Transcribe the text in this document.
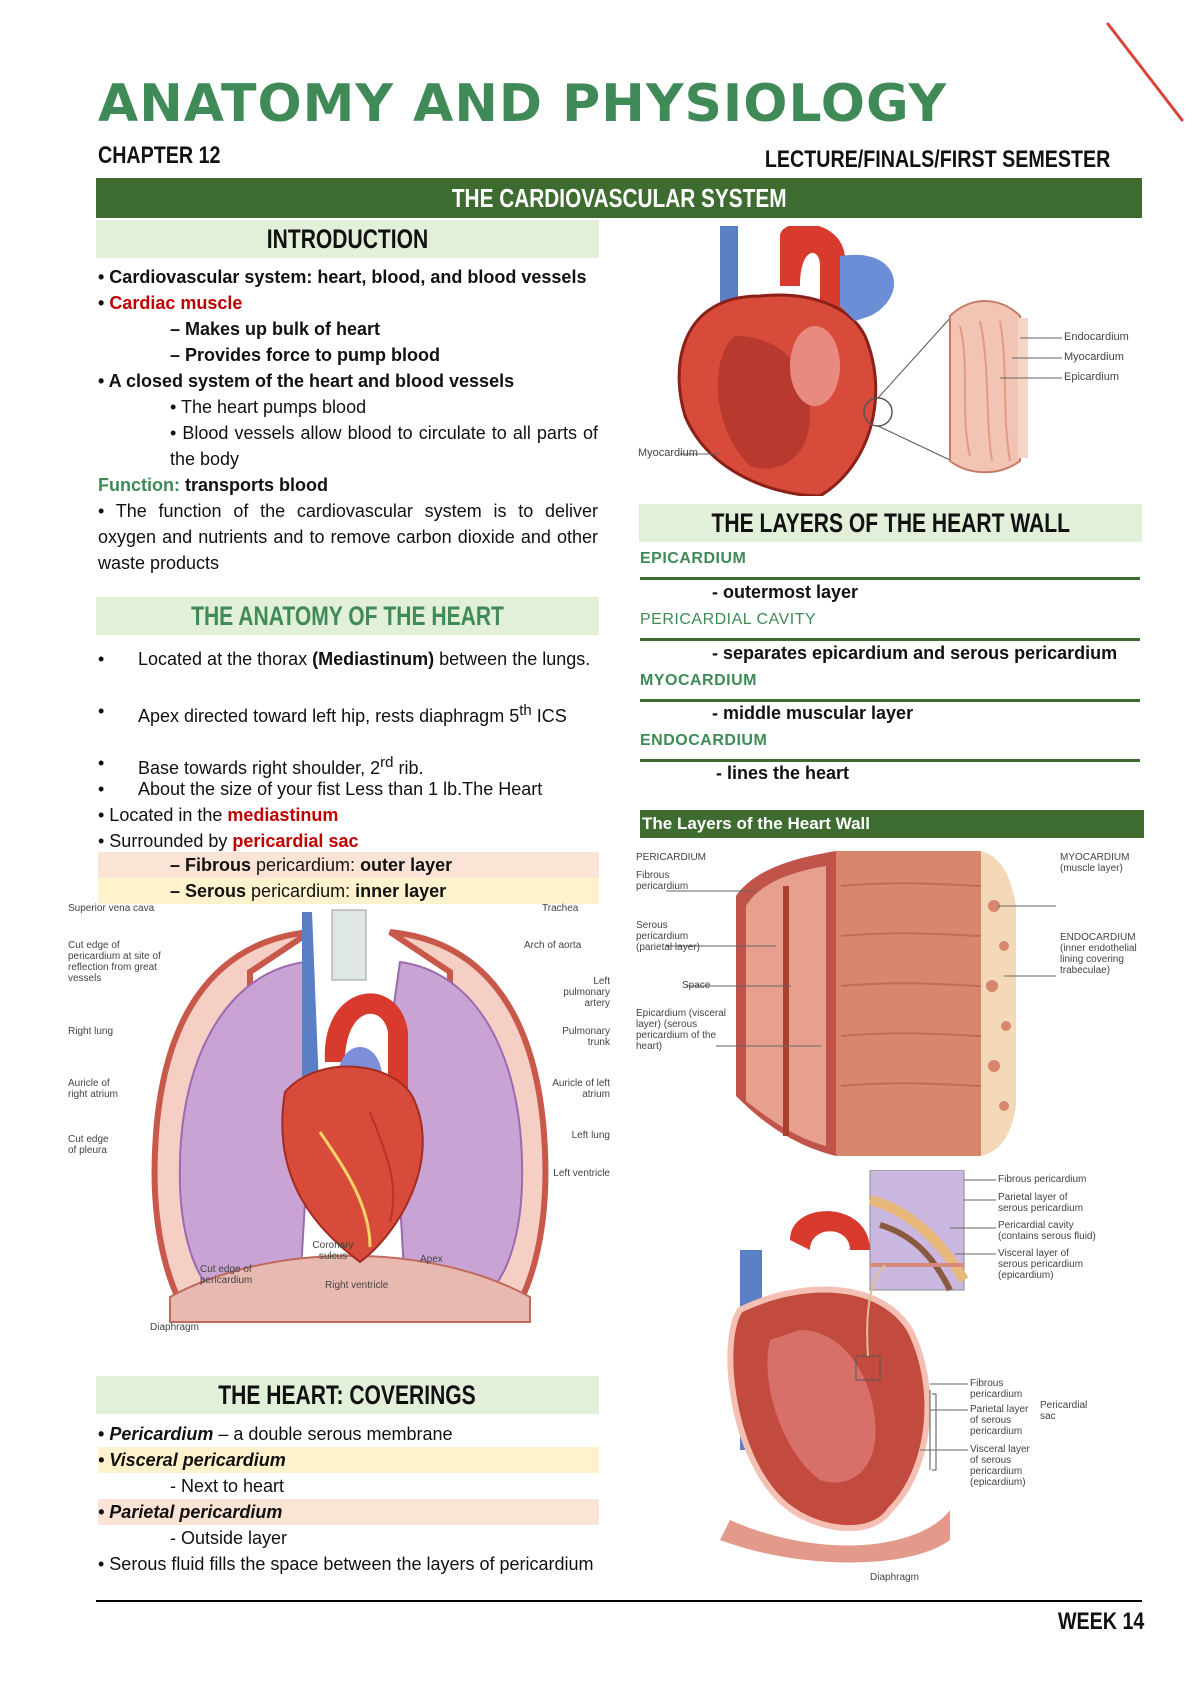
ANATOMY AND PHYSIOLOGY
CHAPTER 12	LECTURE/FINALS/FIRST SEMESTER
THE CARDIOVASCULAR SYSTEM
INTRODUCTION
• Cardiovascular system: heart, blood, and blood vessels
• Cardiac muscle
– Makes up bulk of heart
– Provides force to pump blood
• A closed system of the heart and blood vessels
• The heart pumps blood
• Blood vessels allow blood to circulate to all parts of the body
Function: transports blood
• The function of the cardiovascular system is to deliver oxygen and nutrients and to remove carbon dioxide and other waste products
THE ANATOMY OF THE HEART
• Located at the thorax (Mediastinum) between the lungs.
• Apex directed toward left hip, rests diaphragm 5th ICS
• Base towards right shoulder, 2rd rib.
• About the size of your fist Less than 1 lb.The Heart
• Located in the mediastinum
• Surrounded by pericardial sac
– Fibrous pericardium: outer layer
– Serous pericardium: inner layer
Superior vena cava	Trachea
Cut edge of pericardium at site of reflection from great vessels
Arch of aorta
Left pulmonary artery
Right lung	Pulmonary trunk
Auricle of right atrium
Auricle of left atrium
Left lung
Cut edge of pleura
Left ventricle
Coronary sulcus	Apex
Cut edge of pericardium	Right ventricle
Diaphragm
THE HEART: COVERINGS
• Pericardium – a double serous membrane
• Visceral pericardium
- Next to heart
• Parietal pericardium
- Outside layer
• Serous fluid fills the space between the layers of pericardium
Endocardium
Myocardium
Epicardium
Myocardium
THE LAYERS OF THE HEART WALL
EPICARDIUM
- outermost layer
PERICARDIAL CAVITY
- separates epicardium and serous pericardium
MYOCARDIUM
- middle muscular layer
ENDOCARDIUM
- lines the heart
The Layers of the Heart Wall
PERICARDIUM
Fibrous pericardium
Serous pericardium (parietal layer)
Space
Epicardium (visceral layer) (serous pericardium of the heart)
MYOCARDIUM (muscle layer)
ENDOCARDIUM (inner endothelial lining covering trabeculae)
Fibrous pericardium
Parietal layer of serous pericardium
Pericardial cavity (contains serous fluid)
Visceral layer of serous pericardium (epicardium)
Fibrous pericardium
Parietal layer of serous pericardium
Pericardial sac
Visceral layer of serous pericardium (epicardium)
Diaphragm
WEEK 14
